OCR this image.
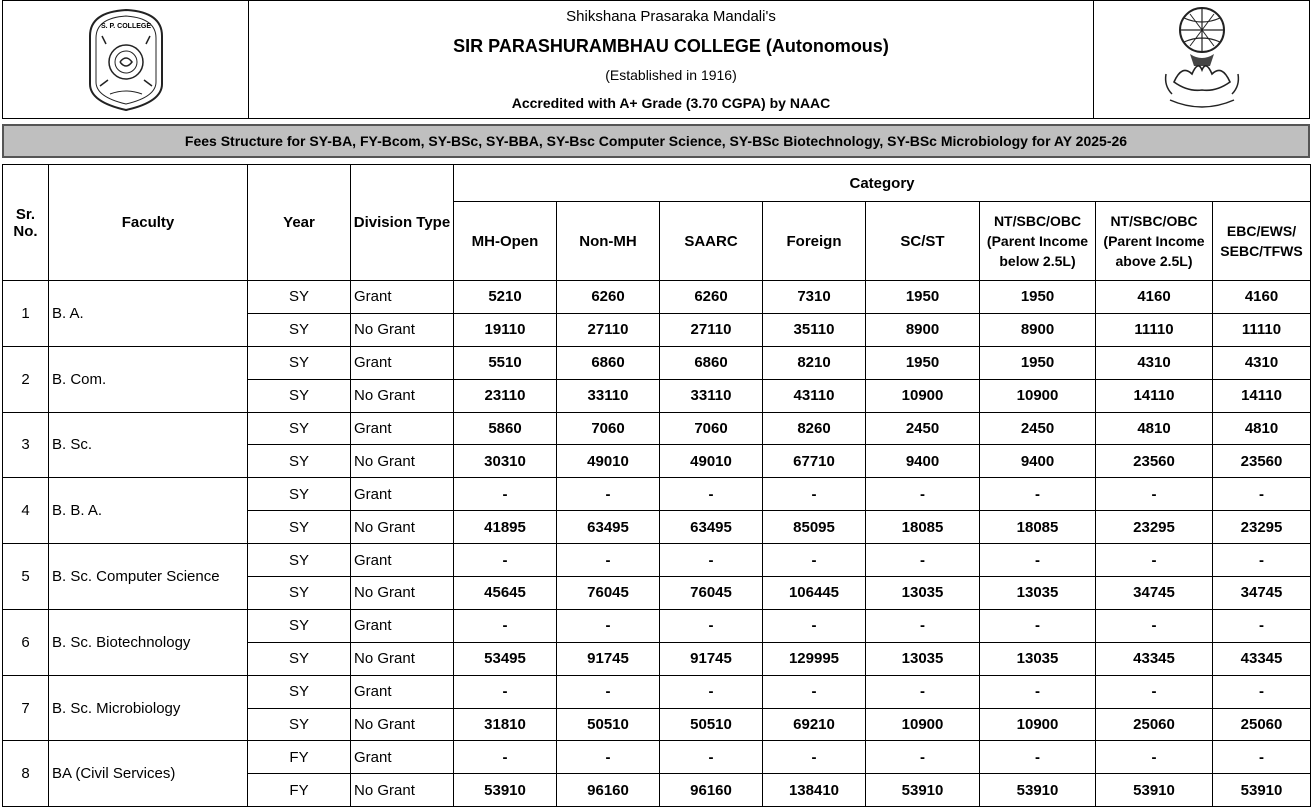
S. P. COLLEGE
Shikshana Prasaraka Mandali's
SIR PARASHURAMBHAU COLLEGE (Autonomous)
(Established in 1916)
Accredited with A+ Grade (3.70 CGPA) by NAAC
Fees Structure for SY-BA, FY-Bcom, SY-BSc, SY-BBA, SY-Bsc Computer Science, SY-BSc Biotechnology, SY-BSc Microbiology for AY 2025-26
Sr. No.	Faculty	Year	Division Type	Category							
				MH-Open	Non-MH	SAARC	Foreign	SC/ST	NT/SBC/OBC (Parent Income below 2.5L)	NT/SBC/OBC (Parent Income above 2.5L)	EBC/EWS/ SEBC/TFWS
1	B. A.	SY	Grant	5210	6260	6260	7310	1950	1950	4160	4160
		SY	No Grant	19110	27110	27110	35110	8900	8900	11110	11110
2	B. Com.	SY	Grant	5510	6860	6860	8210	1950	1950	4310	4310
		SY	No Grant	23110	33110	33110	43110	10900	10900	14110	14110
3	B. Sc.	SY	Grant	5860	7060	7060	8260	2450	2450	4810	4810
		SY	No Grant	30310	49010	49010	67710	9400	9400	23560	23560
4	B. B. A.	SY	Grant	-	-	-	-	-	-	-	-
		SY	No Grant	41895	63495	63495	85095	18085	18085	23295	23295
5	B. Sc. Computer Science	SY	Grant	-	-	-	-	-	-	-	-
		SY	No Grant	45645	76045	76045	106445	13035	13035	34745	34745
6	B. Sc. Biotechnology	SY	Grant	-	-	-	-	-	-	-	-
		SY	No Grant	53495	91745	91745	129995	13035	13035	43345	43345
7	B. Sc. Microbiology	SY	Grant	-	-	-	-	-	-	-	-
		SY	No Grant	31810	50510	50510	69210	10900	10900	25060	25060
8	BA (Civil Services)	FY	Grant	-	-	-	-	-	-	-	-
		FY	No Grant	53910	96160	96160	138410	53910	53910	53910	53910
